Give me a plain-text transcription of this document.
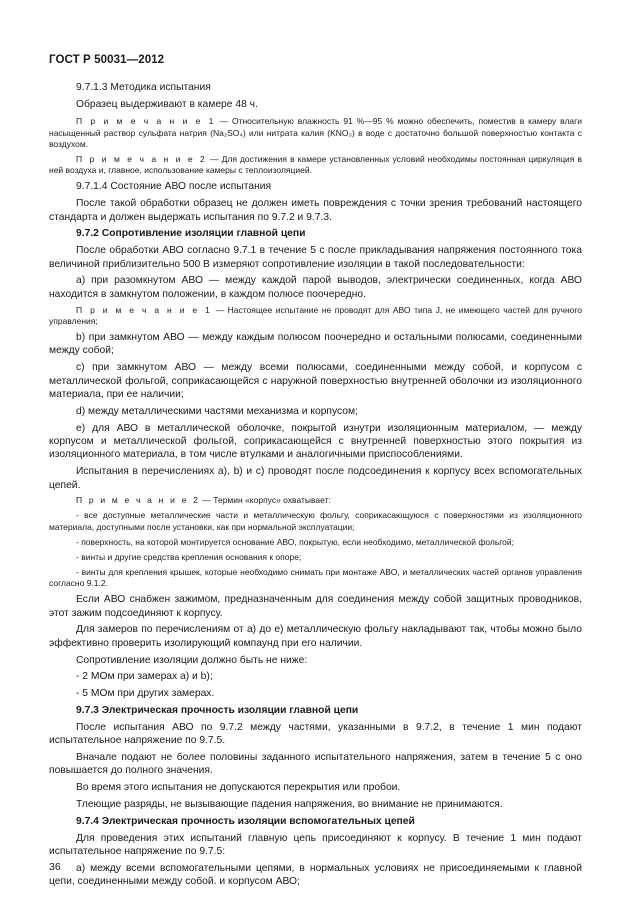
ГОСТ Р 50031—2012

9.7.1.3 Методика испытания

Образец выдерживают в камере 48 ч.

П р и м е ч а н и е 1 — Относительную влажность 91 %—95 % можно обеспечить, поместив в камеру влаги насыщенный раствор сульфата натрия (Na₂SO₄) или нитрата калия (KNO₃) в воде с достаточно большой поверхностью контакта с воздухом.

П р и м е ч а н и е 2 — Для достижения в камере установленных условий необходимы постоянная циркуляция в ней воздуха и, главное, использование камеры с теплоизоляцией.

9.7.1.4 Состояние АВО после испытания

После такой обработки образец не должен иметь повреждения с точки зрения требований настоящего стандарта и должен выдержать испытания по 9.7.2 и 9.7.3.

9.7.2 Сопротивление изоляции главной цепи

После обработки АВО согласно 9.7.1 в течение 5 с после прикладывания напряжения постоянного тока величиной приблизительно 500 В измеряют сопротивление изоляции в такой последовательности:

а) при разомкнутом АВО — между каждой парой выводов, электрически соединенных, когда АВО находится в замкнутом положении, в каждом полюсе поочередно.

П р и м е ч а н и е 1 — Настоящее испытание не проводят для АВО типа J, не имеющего частей для ручного управления;

b) при замкнутом АВО — между каждым полюсом поочередно и остальными полюсами, соединенными между собой;

с) при замкнутом АВО — между всеми полюсами, соединенными между собой, и корпусом с металлической фольгой, соприкасающейся с наружной поверхностью внутренней оболочки из изоляционного материала, при ее наличии;

d) между металлическими частями механизма и корпусом;

е) для АВО в металлической оболочке, покрытой изнутри изоляционным материалом, — между корпусом и металлической фольгой, соприкасающейся с внутренней поверхностью этого покрытия из изоляционного материала, в том числе втулками и аналогичными приспособлениями.

Испытания в перечислениях а), b) и с) проводят после подсоединения к корпусу всех вспомогательных цепей.

П р и м е ч а н и е 2 — Термин «корпус» охватывает:

- все доступные металлические части и металлическую фольгу, соприкасающуюся с поверхностями из изоляционного материала, доступными после установки, как при нормальной эксплуатации;

- поверхность, на которой монтируется основание АВО, покрытую, если необходимо, металлической фольгой;

- винты и другие средства крепления основания к опоре;

- винты для крепления крышек, которые необходимо снимать при монтаже АВО, и металлических частей органов управления согласно 9.1.2.

Если АВО снабжен зажимом, предназначенным для соединения между собой защитных проводников, этот зажим подсоединяют к корпусу.

Для замеров по перечислениям от а) до е) металлическую фольгу накладывают так, чтобы можно было эффективно проверить изолирующий компаунд при его наличии.

Сопротивление изоляции должно быть не ниже:

- 2 МОм при замерах а) и b);

- 5 МОм при других замерах.

9.7.3 Электрическая прочность изоляции главной цепи

После испытания АВО по 9.7.2 между частями, указанными в 9.7.2, в течение 1 мин подают испытательное напряжение по 9.7.5.

Вначале подают не более половины заданного испытательного напряжения, затем в течение 5 с оно повышается до полного значения.

Во время этого испытания не допускаются перекрытия или пробои.

Тлеющие разряды, не вызывающие падения напряжения, во внимание не принимаются.

9.7.4 Электрическая прочность изоляции вспомогательных цепей

Для проведения этих испытаний главную цепь присоединяют к корпусу. В течение 1 мин подают испытательное напряжение по 9.7.5:

а) между всеми вспомогательными цепями, в нормальных условиях не присоединяемыми к главной цепи, соединенными между собой. и корпусом АВО;

36
